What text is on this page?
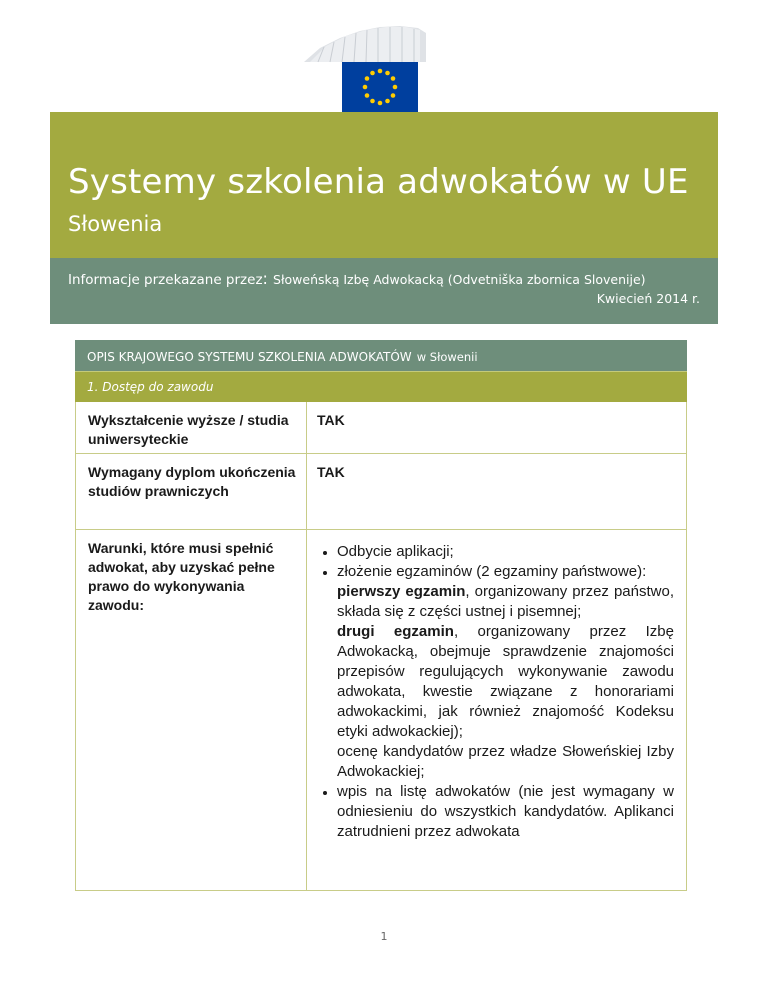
Systemy szkolenia adwokatów w UE
Słowenia
Informacje przekazane przez: Słoweńską Izbę Adwokacką (Odvetniška zbornica Slovenije)
Kwiecień 2014 r.
OPIS KRAJOWEGO SYSTEMU SZKOLENIA ADWOKATÓW w Słowenii
1. Dostęp do zawodu
Wykształcenie wyższe / studia uniwersyteckie
TAK
Wymagany dyplom ukończenia studiów prawniczych
TAK
Warunki, które musi spełnić adwokat, aby uzyskać pełne prawo do wykonywania zawodu:
• Odbycie aplikacji;
• złożenie egzaminów (2 egzaminy państwowe):
pierwszy egzamin, organizowany przez państwo, składa się z części ustnej i pisemnej;
drugi egzamin, organizowany przez Izbę Adwokacką, obejmuje sprawdzenie znajomości przepisów regulujących wykonywanie zawodu adwokata, kwestie związane z honorariami adwokackimi, jak również znajomość Kodeksu etyki adwokackiej);
ocenę kandydatów przez władze Słoweńskiej Izby Adwokackiej;
• wpis na listę adwokatów (nie jest wymagany w odniesieniu do wszystkich kandydatów. Aplikanci zatrudnieni przez adwokata
1
